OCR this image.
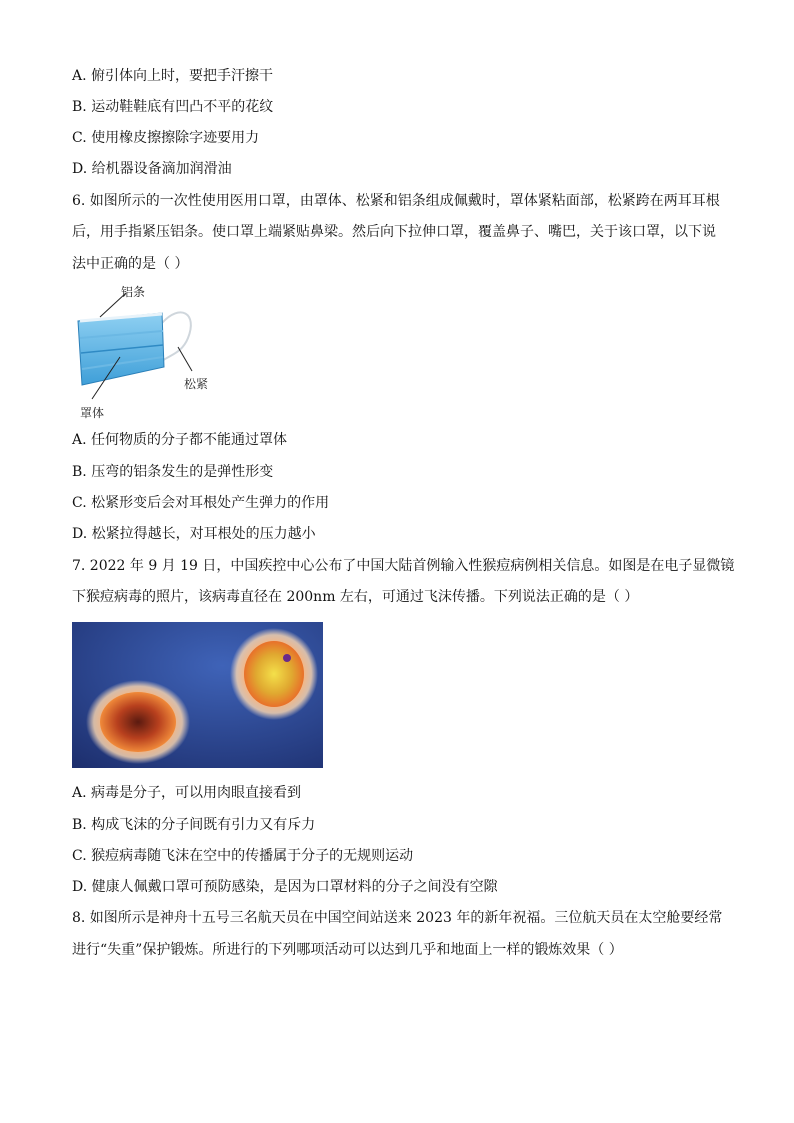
A. 俯引体向上时，要把手汗擦干
B. 运动鞋鞋底有凹凸不平的花纹
C. 使用橡皮擦擦除字迹要用力
D. 给机器设备滴加润滑油
6. 如图所示的一次性使用医用口罩，由罩体、松紧和铝条组成佩戴时，罩体紧粘面部，松紧跨在两耳耳根
后，用手指紧压铝条。使口罩上端紧贴鼻梁。然后向下拉伸口罩，覆盖鼻子、嘴巴，关于该口罩，以下说
法中正确的是（ ）
铝条
松紧
罩体
A. 任何物质的分子都不能通过罩体
B. 压弯的铝条发生的是弹性形变
C. 松紧形变后会对耳根处产生弹力的作用
D. 松紧拉得越长，对耳根处的压力越小
7. 2022 年 9 月 19 日，中国疾控中心公布了中国大陆首例输入性猴痘病例相关信息。如图是在电子显微镜
下猴痘病毒的照片，该病毒直径在 200nm 左右，可通过飞沫传播。下列说法正确的是（ ）
A. 病毒是分子，可以用肉眼直接看到
B. 构成飞沫的分子间既有引力又有斥力
C. 猴痘病毒随飞沫在空中的传播属于分子的无规则运动
D. 健康人佩戴口罩可预防感染，是因为口罩材料的分子之间没有空隙
8. 如图所示是神舟十五号三名航天员在中国空间站送来 2023 年的新年祝福。三位航天员在太空舱要经常
进行“失重”保护锻炼。所进行的下列哪项活动可以达到几乎和地面上一样的锻炼效果（ ）
